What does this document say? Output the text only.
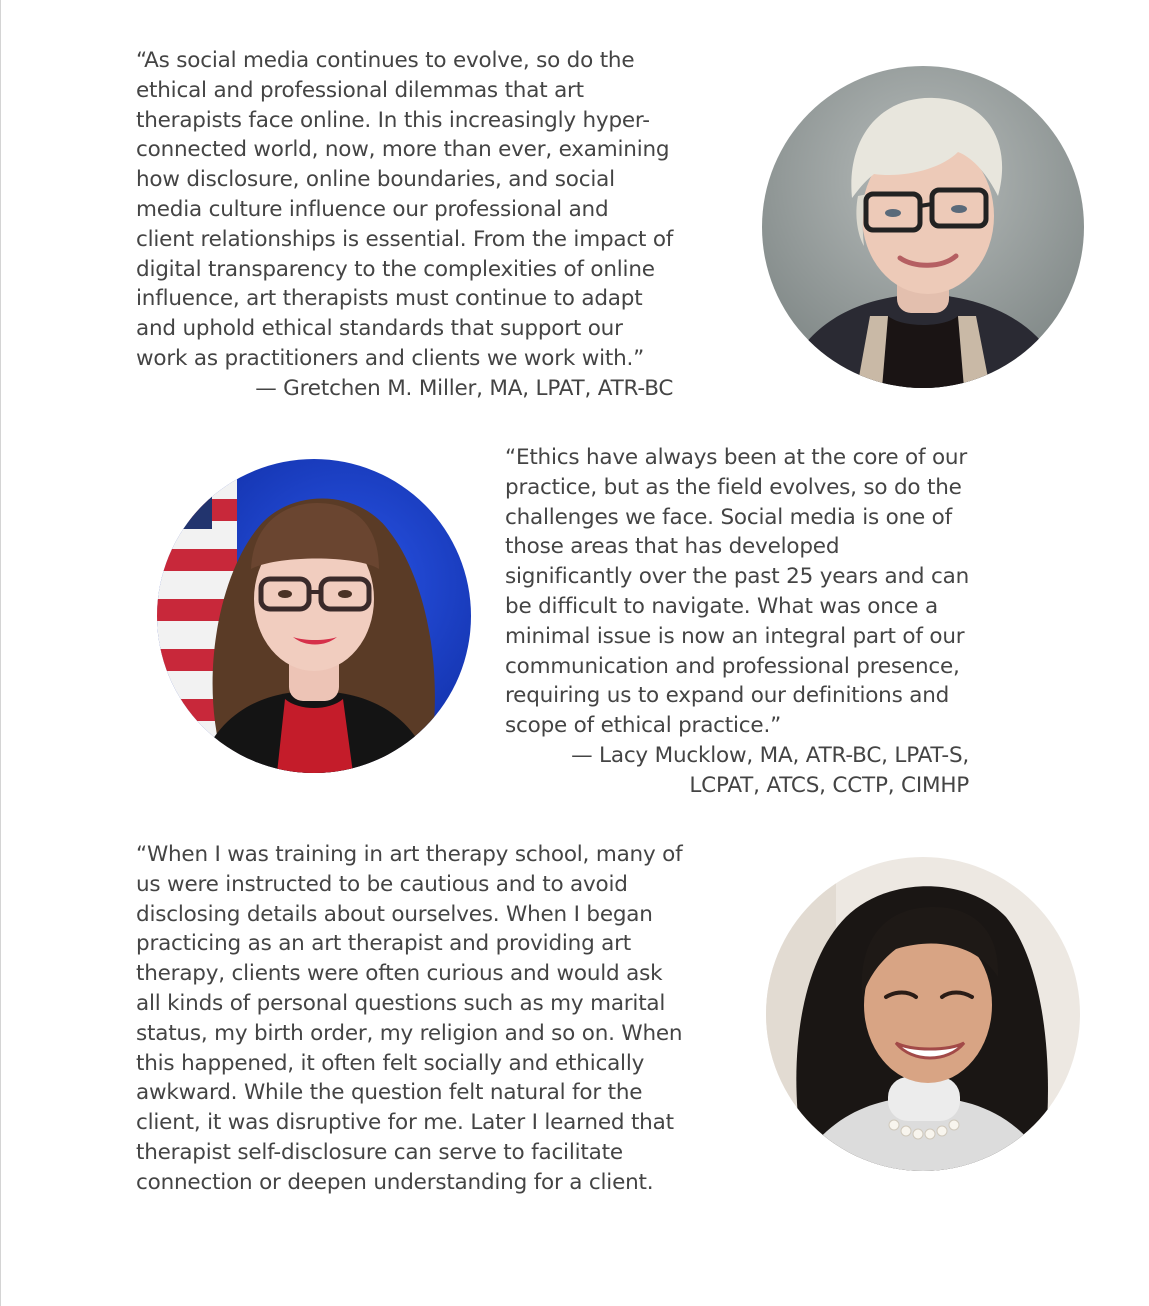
“As social media continues to evolve, so do the
ethical and professional dilemmas that art
therapists face online. In this increasingly hyper-
connected world, now, more than ever, examining
how disclosure, online boundaries, and social
media culture influence our professional and
client relationships is essential. From the impact of
digital transparency to the complexities of online
influence, art therapists must continue to adapt
and uphold ethical standards that support our
work as practitioners and clients we work with.”
— Gretchen M. Miller, MA, LPAT, ATR-BC
“Ethics have always been at the core of our
practice, but as the field evolves, so do the
challenges we face. Social media is one of
those areas that has developed
significantly over the past 25 years and can
be difficult to navigate. What was once a
minimal issue is now an integral part of our
communication and professional presence,
requiring us to expand our definitions and
scope of ethical practice.”
— Lacy Mucklow, MA, ATR-BC, LPAT-S,
LCPAT, ATCS, CCTP, CIMHP
“When I was training in art therapy school, many of
us were instructed to be cautious and to avoid
disclosing details about ourselves. When I began
practicing as an art therapist and providing art
therapy, clients were often curious and would ask
all kinds of personal questions such as my marital
status, my birth order, my religion and so on. When
this happened, it often felt socially and ethically
awkward. While the question felt natural for the
client, it was disruptive for me. Later I learned that
therapist self-disclosure can serve to facilitate
connection or deepen understanding for a client.
